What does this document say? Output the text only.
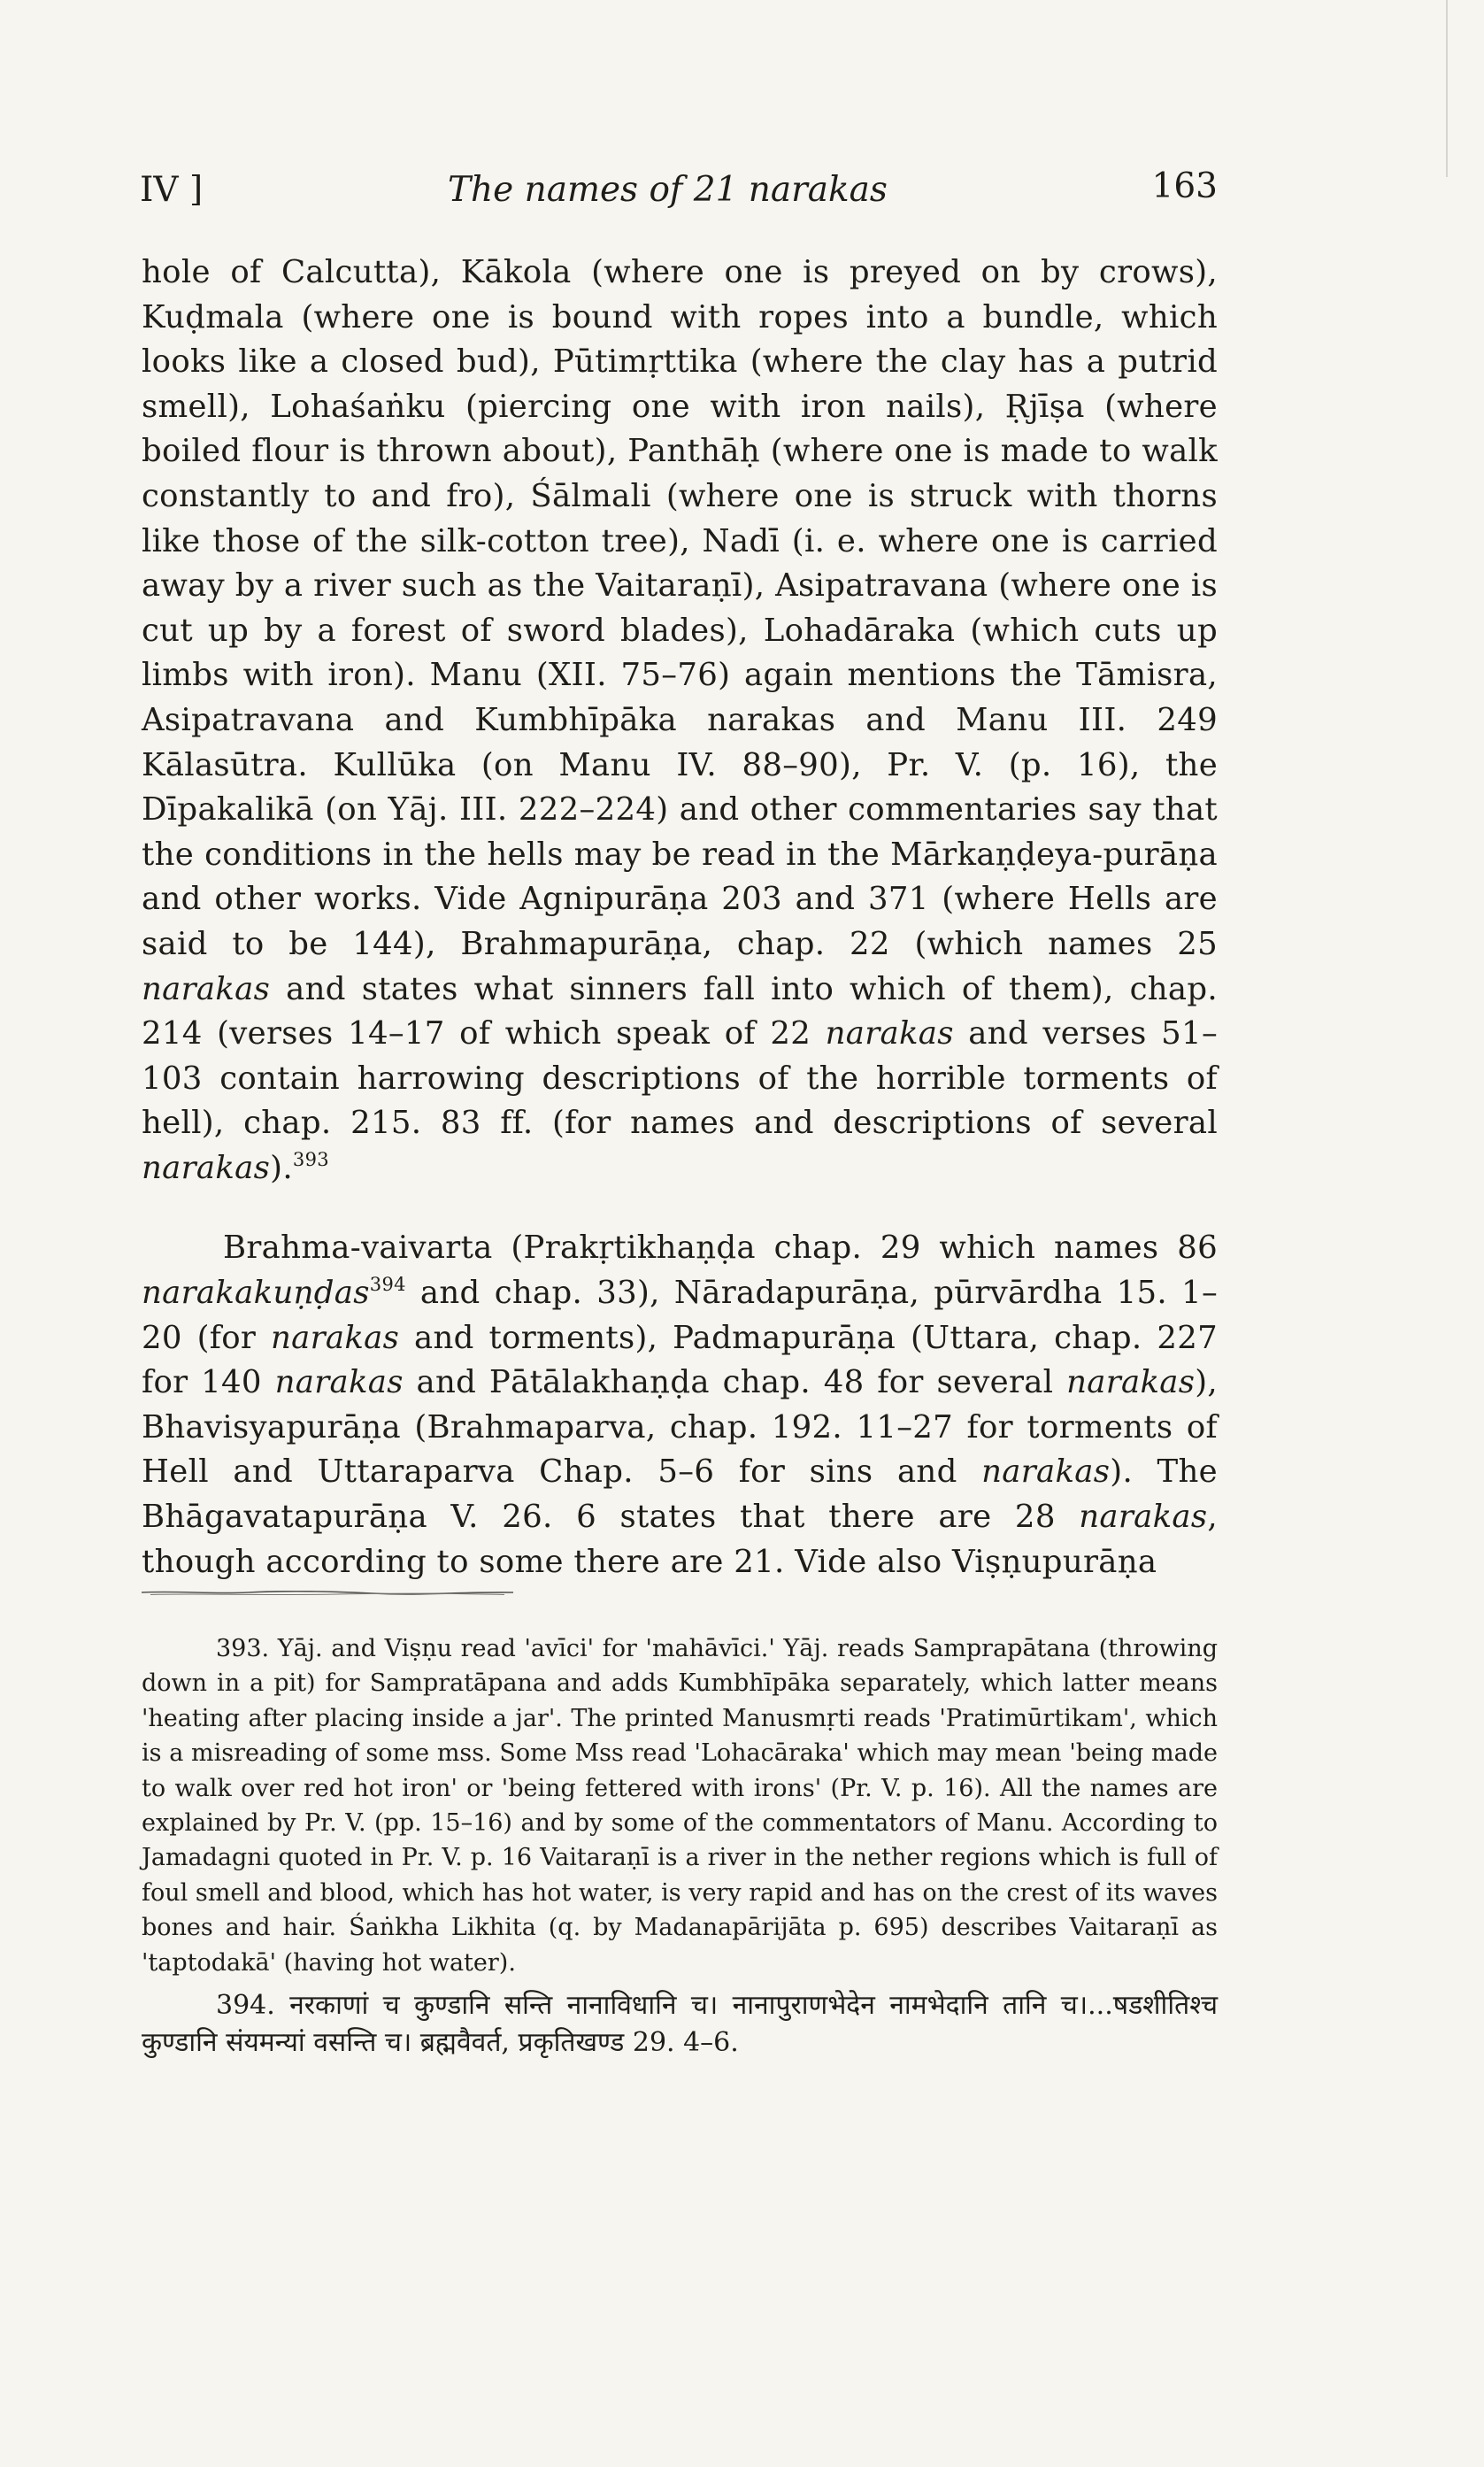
IV ]	The names of 21 narakas	163

hole of Calcutta), Kākola (where one is preyed on by crows), Kuḍmala (where one is bound with ropes into a bundle, which looks like a closed bud), Pūtimṛttika (where the clay has a putrid smell), Lohaśaṅku (piercing one with iron nails), Ṛjīṣa (where boiled flour is thrown about), Panthāḥ (where one is made to walk constantly to and fro), Śālmali (where one is struck with thorns like those of the silk-cotton tree), Nadī (i. e. where one is carried away by a river such as the Vaitaraṇī), Asipatravana (where one is cut up by a forest of sword blades), Lohadāraka (which cuts up limbs with iron). Manu (XII. 75–76) again mentions the Tāmisra, Asipatravana and Kumbhīpāka narakas and Manu III. 249 Kālasūtra. Kullūka (on Manu IV. 88–90), Pr. V. (p. 16), the Dīpakalikā (on Yāj. III. 222–224) and other commentaries say that the conditions in the hells may be read in the Mārkaṇḍeya-purāṇa and other works. Vide Agnipurāṇa 203 and 371 (where Hells are said to be 144), Brahmapurāṇa, chap. 22 (which names 25 narakas and states what sinners fall into which of them), chap. 214 (verses 14–17 of which speak of 22 narakas and verses 51–103 contain harrowing descriptions of the horrible torments of hell), chap. 215. 83 ff. (for names and descriptions of several narakas).$^{393}$

Brahma-vaivarta (Prakṛtikhaṇḍa chap. 29 which names 86 narakakuṇḍas$^{394}$ and chap. 33), Nāradapurāṇa, pūrvārdha 15. 1–20 (for narakas and torments), Padmapurāṇa (Uttara, chap. 227 for 140 narakas and Pātālakhaṇḍa chap. 48 for several narakas), Bhavisyapurāṇa (Brahmaparva, chap. 192. 11–27 for torments of Hell and Uttaraparva Chap. 5–6 for sins and narakas). The Bhāgavatapurāṇa V. 26. 6 states that there are 28 narakas, though according to some there are 21. Vide also Viṣṇupurāṇa

393. Yāj. and Viṣṇu read 'avīci' for 'mahāvīci.' Yāj. reads Samprapātana (throwing down in a pit) for Sampratāpana and adds Kumbhīpāka separately, which latter means 'heating after placing inside a jar'. The printed Manusmṛti reads 'Pratimūrtikam', which is a misreading of some mss. Some Mss read 'Lohacāraka' which may mean 'being made to walk over red hot iron' or 'being fettered with irons' (Pr. V. p. 16). All the names are explained by Pr. V. (pp. 15–16) and by some of the commentators of Manu. According to Jamadagni quoted in Pr. V. p. 16 Vaitaraṇī is a river in the nether regions which is full of foul smell and blood, which has hot water, is very rapid and has on the crest of its waves bones and hair. Śaṅkha Likhita (q. by Madanapārijāta p. 695) describes Vaitaraṇī as 'taptodakā' (having hot water).

394. नरकाणां च कुण्डानि सन्ति नानाविधानि च। नानापुराणभेदेन नामभेदानि तानि च।...षडशीतिश्च कुण्डानि संयमन्यां वसन्ति च। ब्रह्मवैवर्त, प्रकृतिखण्ड 29. 4–6.
